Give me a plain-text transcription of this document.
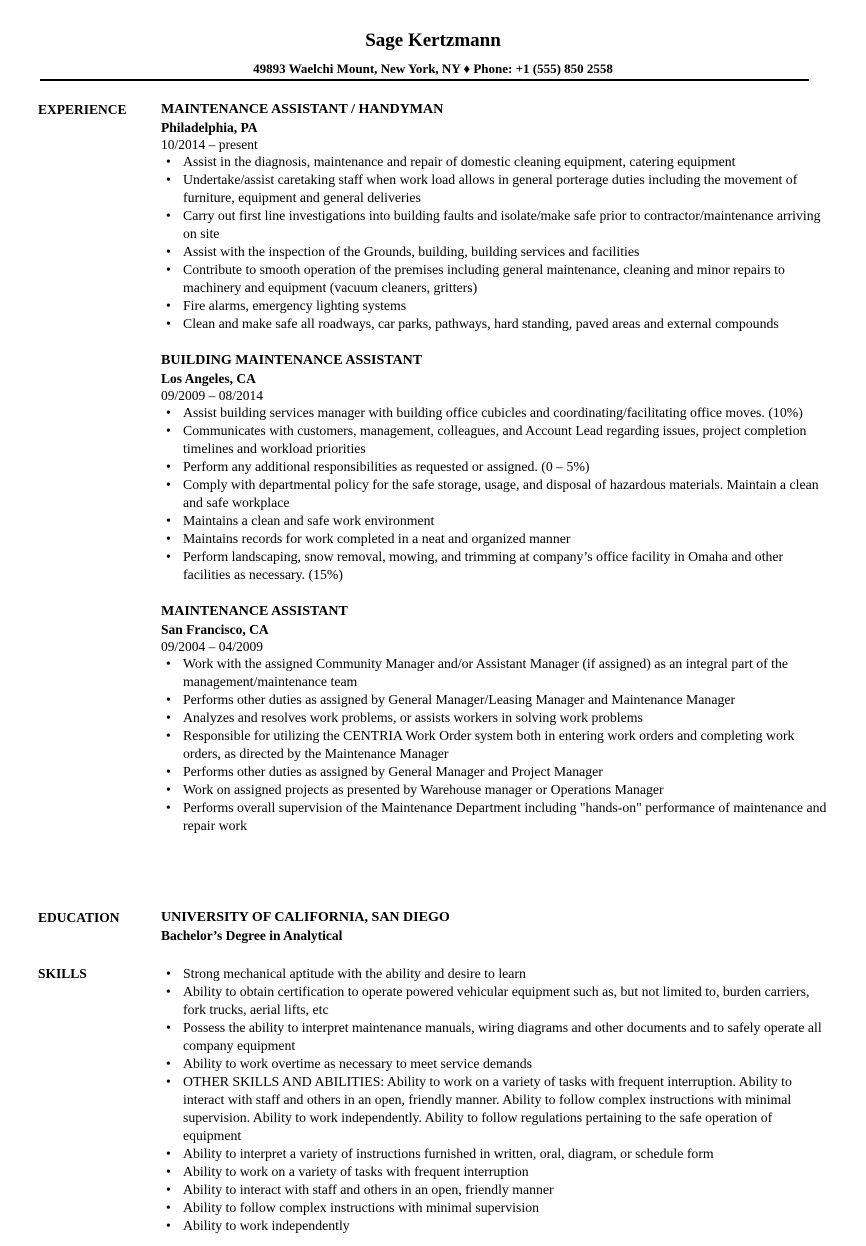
Sage Kertzmann
49893 Waelchi Mount, New York, NY ♦ Phone: +1 (555) 850 2558
EXPERIENCE MAINTENANCE ASSISTANT / HANDYMAN
Philadelphia, PA
10/2014 – present
• Assist in the diagnosis, maintenance and repair of domestic cleaning equipment, catering equipment
• Undertake/assist caretaking staff when work load allows in general porterage duties including the movement of furniture, equipment and general deliveries
• Carry out first line investigations into building faults and isolate/make safe prior to contractor/maintenance arriving on site
• Assist with the inspection of the Grounds, building, building services and facilities
• Contribute to smooth operation of the premises including general maintenance, cleaning and minor repairs to machinery and equipment (vacuum cleaners, gritters)
• Fire alarms, emergency lighting systems
• Clean and make safe all roadways, car parks, pathways, hard standing, paved areas and external compounds
BUILDING MAINTENANCE ASSISTANT
Los Angeles, CA
09/2009 – 08/2014
• Assist building services manager with building office cubicles and coordinating/facilitating office moves. (10%)
• Communicates with customers, management, colleagues, and Account Lead regarding issues, project completion timelines and workload priorities
• Perform any additional responsibilities as requested or assigned. (0 – 5%)
• Comply with departmental policy for the safe storage, usage, and disposal of hazardous materials. Maintain a clean and safe workplace
• Maintains a clean and safe work environment
• Maintains records for work completed in a neat and organized manner
• Perform landscaping, snow removal, mowing, and trimming at company’s office facility in Omaha and other facilities as necessary. (15%)
MAINTENANCE ASSISTANT
San Francisco, CA
09/2004 – 04/2009
• Work with the assigned Community Manager and/or Assistant Manager (if assigned) as an integral part of the management/maintenance team
• Performs other duties as assigned by General Manager/Leasing Manager and Maintenance Manager
• Analyzes and resolves work problems, or assists workers in solving work problems
• Responsible for utilizing the CENTRIA Work Order system both in entering work orders and completing work orders, as directed by the Maintenance Manager
• Performs other duties as assigned by General Manager and Project Manager
• Work on assigned projects as presented by Warehouse manager or Operations Manager
• Performs overall supervision of the Maintenance Department including "hands-on" performance of maintenance and repair work
EDUCATION	UNIVERSITY OF CALIFORNIA, SAN DIEGO
Bachelor’s Degree in Analytical
SKILLS
•	Strong mechanical aptitude with the ability and desire to learn
• Ability to obtain certification to operate powered vehicular equipment such as, but not limited to, burden carriers, fork trucks, aerial lifts, etc
• Possess the ability to interpret maintenance manuals, wiring diagrams and other documents and to safely operate all company equipment
• Ability to work overtime as necessary to meet service demands
• OTHER SKILLS AND ABILITIES: Ability to work on a variety of tasks with frequent interruption. Ability to interact with staff and others in an open, friendly manner. Ability to follow complex instructions with minimal supervision. Ability to work independently. Ability to follow regulations pertaining to the safe operation of equipment
• Ability to interpret a variety of instructions furnished in written, oral, diagram, or schedule form
• Ability to work on a variety of tasks with frequent interruption
• Ability to interact with staff and others in an open, friendly manner
• Ability to follow complex instructions with minimal supervision
• Ability to work independently
